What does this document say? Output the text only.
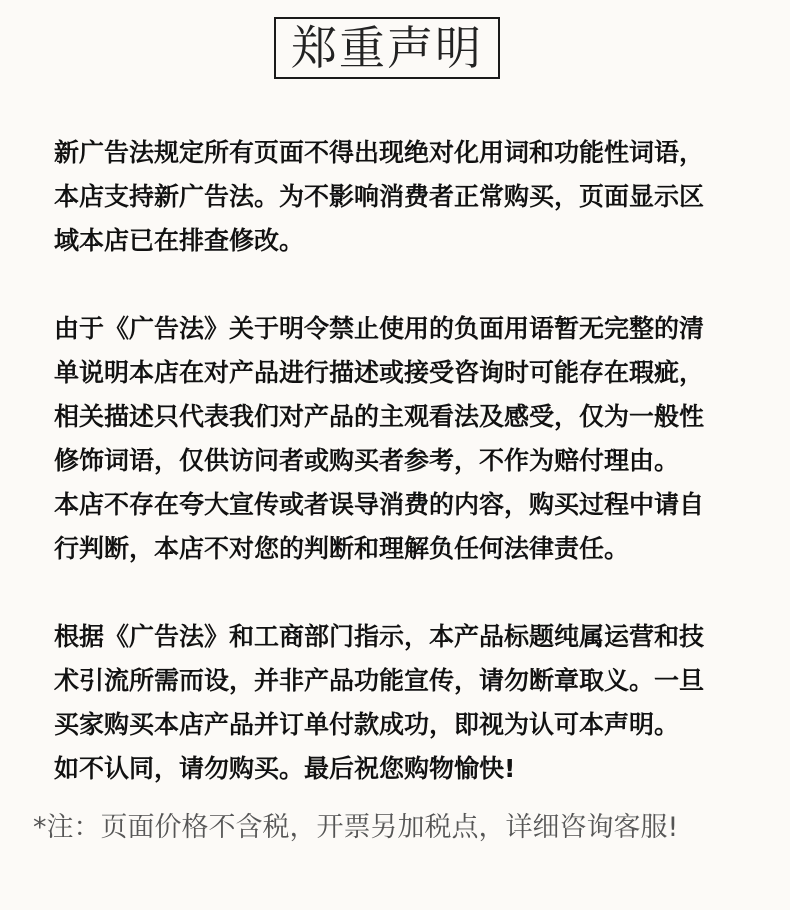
郑重声明
新广告法规定所有页面不得出现绝对化用词和功能性词语，
本店支持新广告法。为不影响消费者正常购买，页面显示区
域本店已在排查修改。
由于《广告法》关于明令禁止使用的负面用语暂无完整的清
单说明本店在对产品进行描述或接受咨询时可能存在瑕疵，
相关描述只代表我们对产品的主观看法及感受，仅为一般性
修饰词语，仅供访问者或购买者参考，不作为赔付理由。
本店不存在夸大宣传或者误导消费的内容，购买过程中请自
行判断，本店不对您的判断和理解负任何法律责任。
根据《广告法》和工商部门指示，本产品标题纯属运营和技
术引流所需而设，并非产品功能宣传，请勿断章取义。一旦
买家购买本店产品并订单付款成功，即视为认可本声明。
如不认同，请勿购买。最后祝您购物愉快!
*注：页面价格不含税，开票另加税点，详细咨询客服!
